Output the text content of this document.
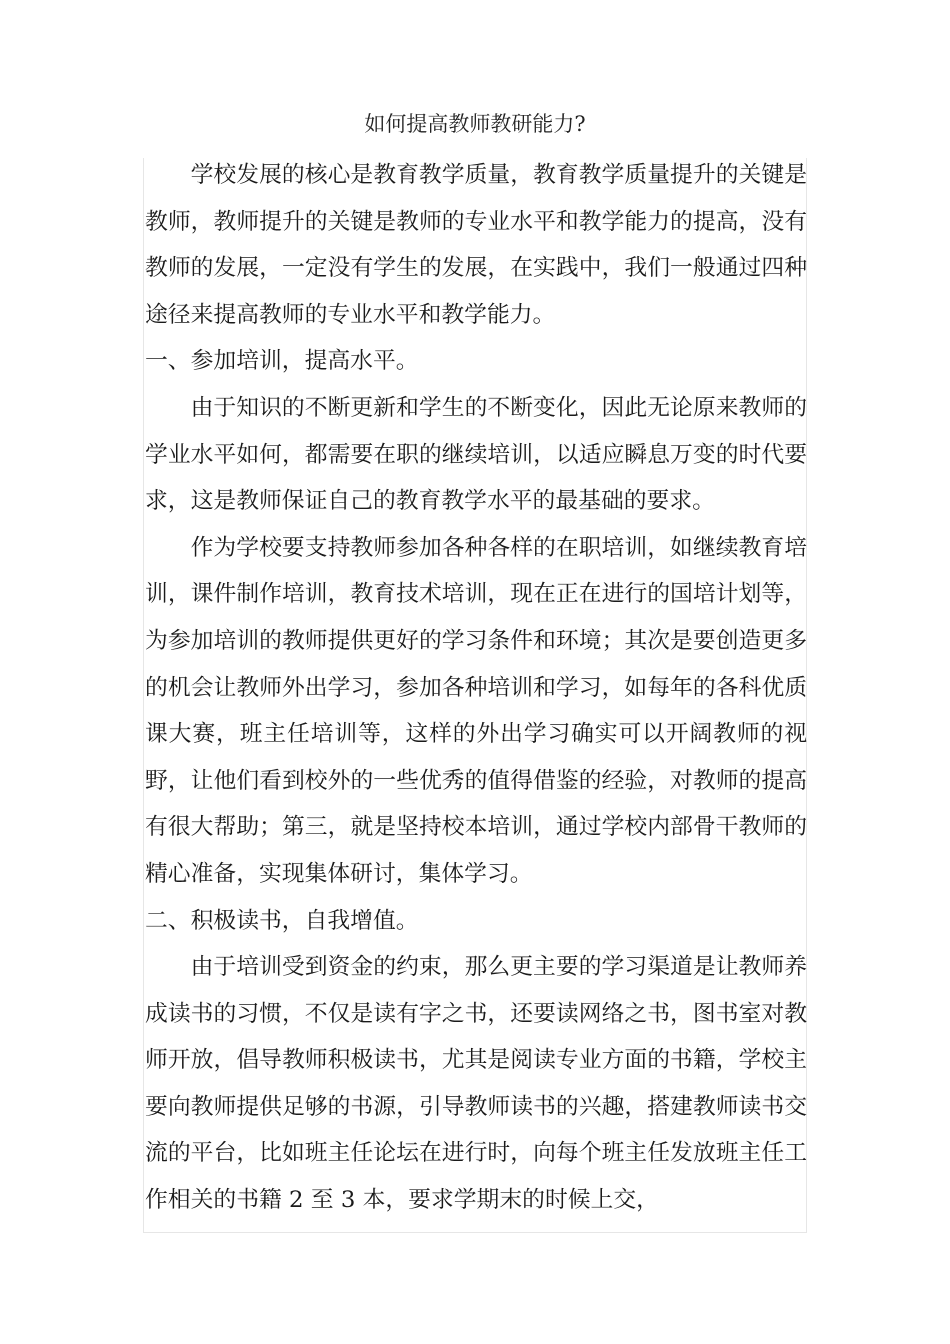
如何提高教师教研能力?

学校发展的核心是教育教学质量，教育教学质量提升的关键是教师，教师提升的关键是教师的专业水平和教学能力的提高，没有教师的发展，一定没有学生的发展，在实践中，我们一般通过四种途径来提高教师的专业水平和教学能力。

一、参加培训，提高水平。

由于知识的不断更新和学生的不断变化，因此无论原来教师的学业水平如何，都需要在职的继续培训，以适应瞬息万变的时代要求，这是教师保证自己的教育教学水平的最基础的要求。

作为学校要支持教师参加各种各样的在职培训，如继续教育培训，课件制作培训，教育技术培训，现在正在进行的国培计划等，为参加培训的教师提供更好的学习条件和环境；其次是要创造更多的机会让教师外出学习，参加各种培训和学习，如每年的各科优质课大赛，班主任培训等，这样的外出学习确实可以开阔教师的视野，让他们看到校外的一些优秀的值得借鉴的经验，对教师的提高有很大帮助；第三，就是坚持校本培训，通过学校内部骨干教师的精心准备，实现集体研讨，集体学习。

二、积极读书，自我增值。

由于培训受到资金的约束，那么更主要的学习渠道是让教师养成读书的习惯，不仅是读有字之书，还要读网络之书，图书室对教师开放，倡导教师积极读书，尤其是阅读专业方面的书籍，学校主要向教师提供足够的书源，引导教师读书的兴趣，搭建教师读书交流的平台，比如班主任论坛在进行时，向每个班主任发放班主任工作相关的书籍 2 至 3 本，要求学期末的时候上交，
